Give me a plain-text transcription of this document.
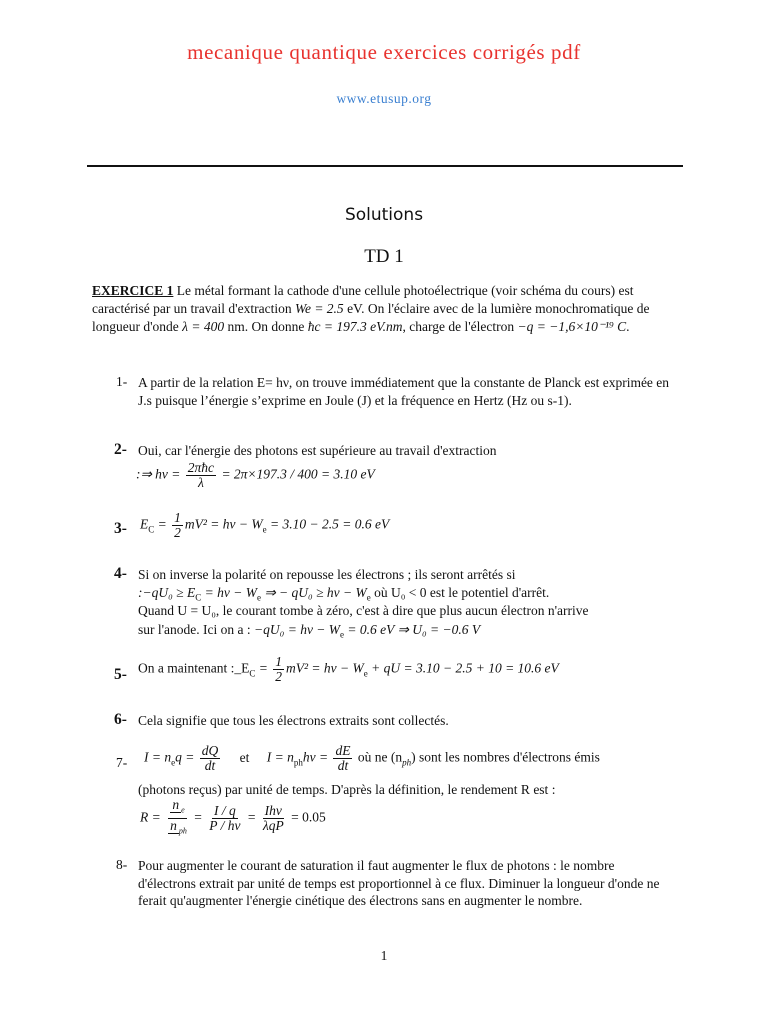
mecanique quantique exercices corrigés pdf
www.etusup.org
Solutions
TD 1
EXERCICE 1 Le métal formant la cathode d'une cellule photoélectrique (voir schéma du cours) est caractérisé par un travail d'extraction We = 2.5 eV. On l'éclaire avec de la lumière monochromatique de longueur d'onde λ = 400 nm. On donne ħc = 197.3 eV.nm, charge de l'électron −q = −1,6×10⁻¹⁹ C.
1- A partir de la relation E= hν, on trouve immédiatement que la constante de Planck est exprimée en J.s puisque l’énergie s’exprime en Joule (J) et la fréquence en Hertz (Hz ou s-1).
2- Oui, car l'énergie des photons est supérieure au travail d'extraction
:⇒ $h\nu = \frac{\text{2πħc}}{\lambda} = 2\pi\times 197.3 / 400 = 3.10$ eV
3- $E_C = \frac{1}{2} mV^2 = h\nu - W_e = 3.10 - 2.5 = 0.6$ eV
4- Si on inverse la polarité on repousse les électrons ; ils seront arrêtés si
:−qU₀ ≥ $E_C = h\nu - W_e$ ⇒ − $qU_0 \ge h\nu - W_e$ où U₀ < 0 est le potentiel d'arrêt.
Quand U = U₀, le courant tombe à zéro, c'est à dire que plus aucun électron n'arrive
sur l'anode. Ici on a : $-qU_0 = h\nu - W_e = 0.6$ eV ⇒ U₀ = −0.6 V
5- On a maintenant $:\_E_C = \frac{1}{2} mV^2 = h\nu - W_e$ + qU = 3.10 − 2.5 + 10 = 10.6 eV
6- Cela signifie que tous les électrons extraits sont collectés.
7- $I = n_eq = \frac{dQ}{dt}$ et $I = n_{ph}h\nu = \frac{dE}{dt}$ où ne $(n_{ph})$ sont les nombres d'électrons émis
(photons reçus) par unité de temps. D'après la définition, le rendement R est :
$R = \frac{n _e}{n _{ph}} = \frac{I / q}{P / h\nu} = \frac{\text{Ihν}}{\text{λqP}} = 0.05$
8- Pour augmenter le courant de saturation il faut augmenter le flux de photons : le nombre d'électrons extrait par unité de temps est proportionnel à ce flux. Diminuer la longueur d'onde ne ferait qu'augmenter l'énergie cinétique des électrons sans en augmenter le nombre.
1
